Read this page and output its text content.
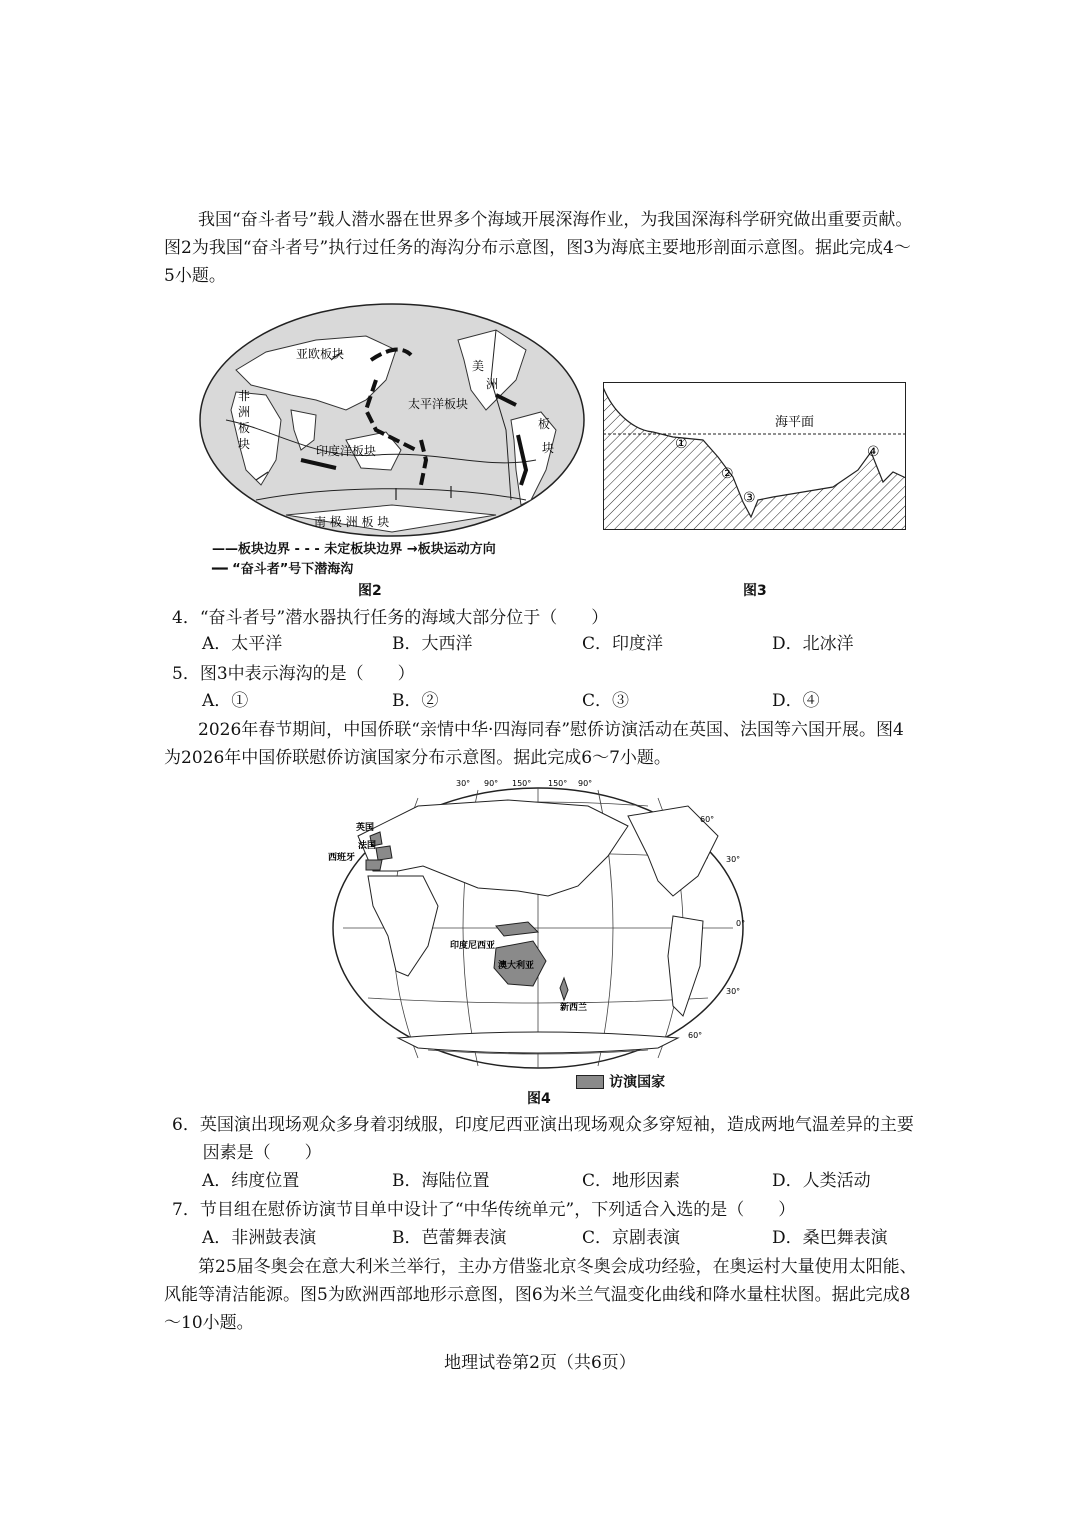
我国“奋斗者号”载人潜水器在世界多个海域开展深海作业，为我国深海科学研究做出重要贡献。图2为我国“奋斗者号”执行过任务的海沟分布示意图，图3为海底主要地形剖面示意图。据此完成4～5小题。

亚欧板块
美
洲
非
洲
板
块
太平洋板块
印度洋板块
南 极 洲 板 块
板
块
——板块边界 - - - 未定板块边界 →板块运动方向
━━ “奋斗者”号下潜海沟
图2
海平面
①
②
③
④
图3
4．“奋斗者号”潜水器执行任务的海域大部分位于（　　）
A．太平洋	B．大西洋	C．印度洋	D．北冰洋
5．图3中表示海沟的是（　　）
A．①	B．②	C．③	D．④

2026年春节期间，中国侨联“亲情中华·四海同春”慰侨访演活动在英国、法国等六国开展。图4为2026年中国侨联慰侨访演国家分布示意图。据此完成6～7小题。

30° 90° 150° 150° 90°
60°
30°
0°
30°
60°
英国
法国
西班牙
印度尼西亚
澳大利亚
新西兰
访演国家
图4
6．英国演出现场观众多身着羽绒服，印度尼西亚演出现场观众多穿短袖，造成两地气温差异的主要因素是（　　）
A．纬度位置	B．海陆位置	C．地形因素	D．人类活动
7．节目组在慰侨访演节目单中设计了“中华传统单元”，下列适合入选的是（　　）
A．非洲鼓表演	B．芭蕾舞表演	C．京剧表演	D．桑巴舞表演

第25届冬奥会在意大利米兰举行，主办方借鉴北京冬奥会成功经验，在奥运村大量使用太阳能、风能等清洁能源。图5为欧洲西部地形示意图，图6为米兰气温变化曲线和降水量柱状图。据此完成8～10小题。

地理试卷第2页（共6页）
